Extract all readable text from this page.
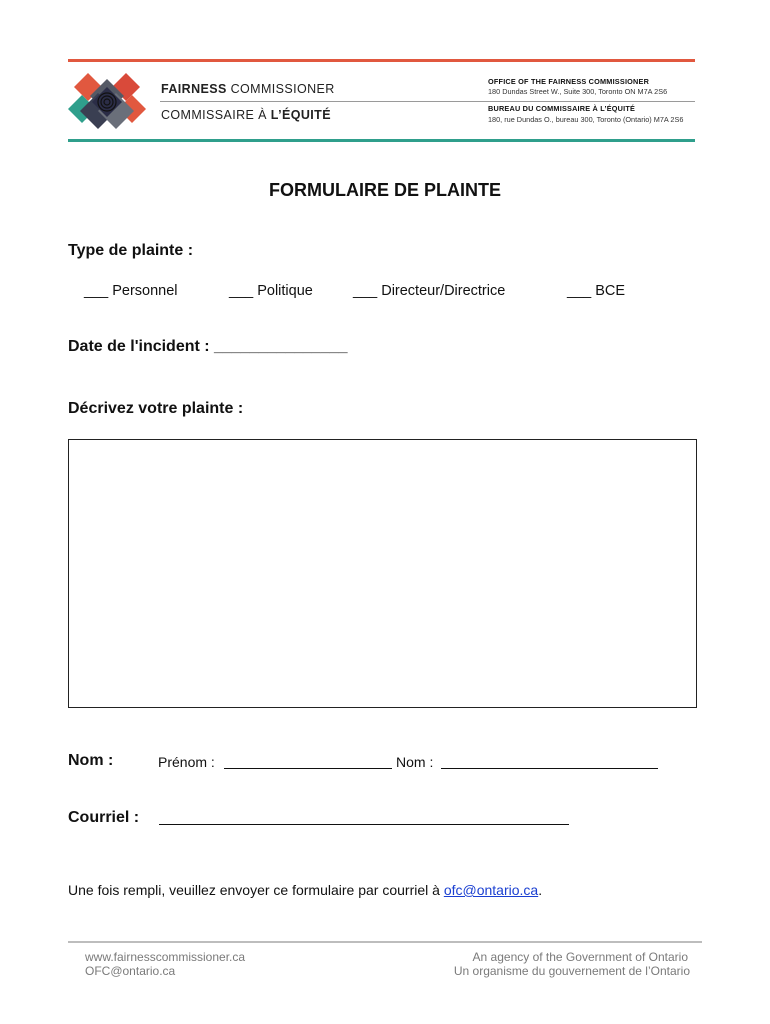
FAIRNESS COMMISSIONER
COMMISSAIRE À L’ÉQUITÉ
OFFICE OF THE FAIRNESS COMMISSIONER
180 Dundas Street W., Suite 300, Toronto ON M7A 2S6
BUREAU DU COMMISSAIRE À L’ÉQUITÉ
180, rue Dundas O., bureau 300, Toronto (Ontario) M7A 2S6
FORMULAIRE DE PLAINTE
Type de plainte :
___ Personnel	___ Politique	___ Directeur/Directrice	___ BCE
Date de l'incident : _______________
Décrivez votre plainte :
Nom :	Prénom :	Nom :
Courriel :
Une fois rempli, veuillez envoyer ce formulaire par courriel à ofc@ontario.ca.
www.fairnesscommissioner.ca
OFC@ontario.ca
An agency of the Government of Ontario
Un organisme du gouvernement de l’Ontario
